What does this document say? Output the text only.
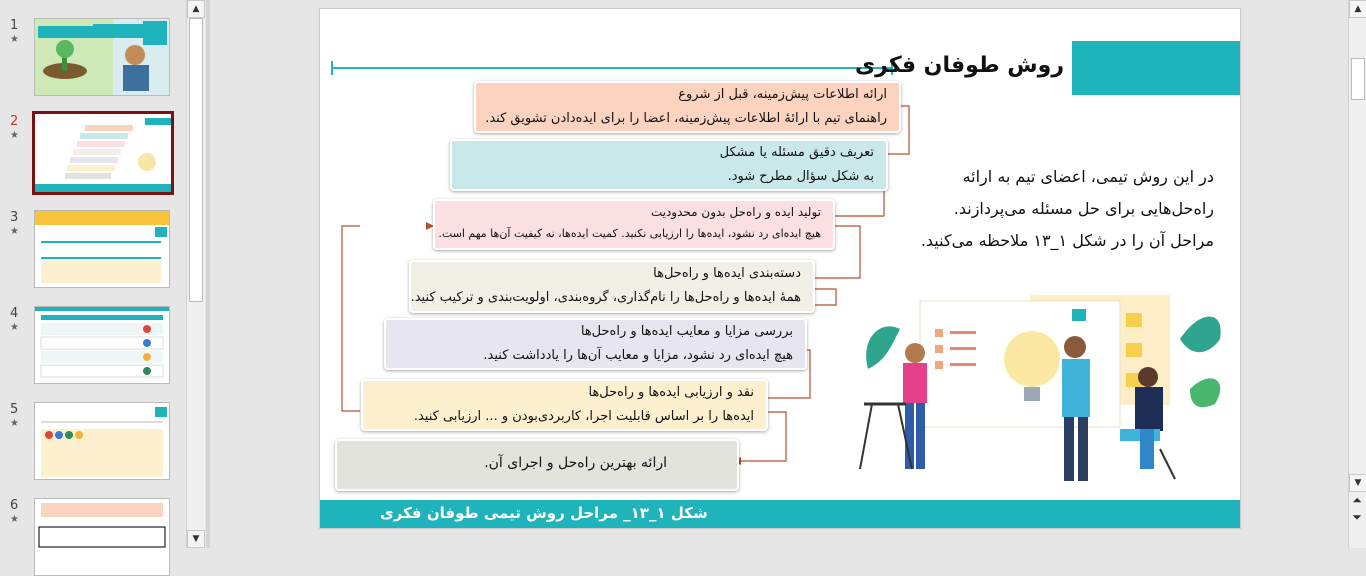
1
★
2
★
3
★
4
★
5
★
6
★
▲
▼
روش طوفان فکری
ارائه اطلاعات پیش‌زمینه، قبل از شروع
راهنمای تیم با ارائهٔ اطلاعات پیش‌زمینه، اعضا را برای ایده‌دادن تشویق کند.
تعریف دقیق مسئله یا مشکل
به شکل سؤال مطرح شود.
تولید ایده و راه‌حل بدون محدودیت
هیچ ایده‌ای رد نشود، ایده‌ها را ارزیابی نکنید. کمیت ایده‌ها، نه کیفیت آن‌ها مهم است.
دسته‌بندی ایده‌ها و راه‌حل‌ها
همهٔ ایده‌ها و راه‌حل‌ها را نام‌گذاری، گروه‌بندی، اولویت‌بندی و ترکیب کنید.
بررسی مزایا و معایب ایده‌ها و راه‌حل‌ها
هیچ ایده‌ای رد نشود، مزایا و معایب آن‌ها را یادداشت کنید.
نقد و ارزیابی ایده‌ها و راه‌حل‌ها
ایده‌ها را بر اساس قابلیت اجرا، کاربردی‌بودن و ... ارزیابی کنید.
ارائه بهترین راه‌حل و اجرای آن.
در این روش تیمی، اعضای تیم به ارائه راه‌حل‌هایی برای حل مسئله می‌پردازند. مراحل آن را در شکل ۱_۱۳ ملاحظه می‌کنید.
شکل ۱_۱۳_ مراحل روش تیمی طوفان فکری
▲
▼
⏶
⏷
